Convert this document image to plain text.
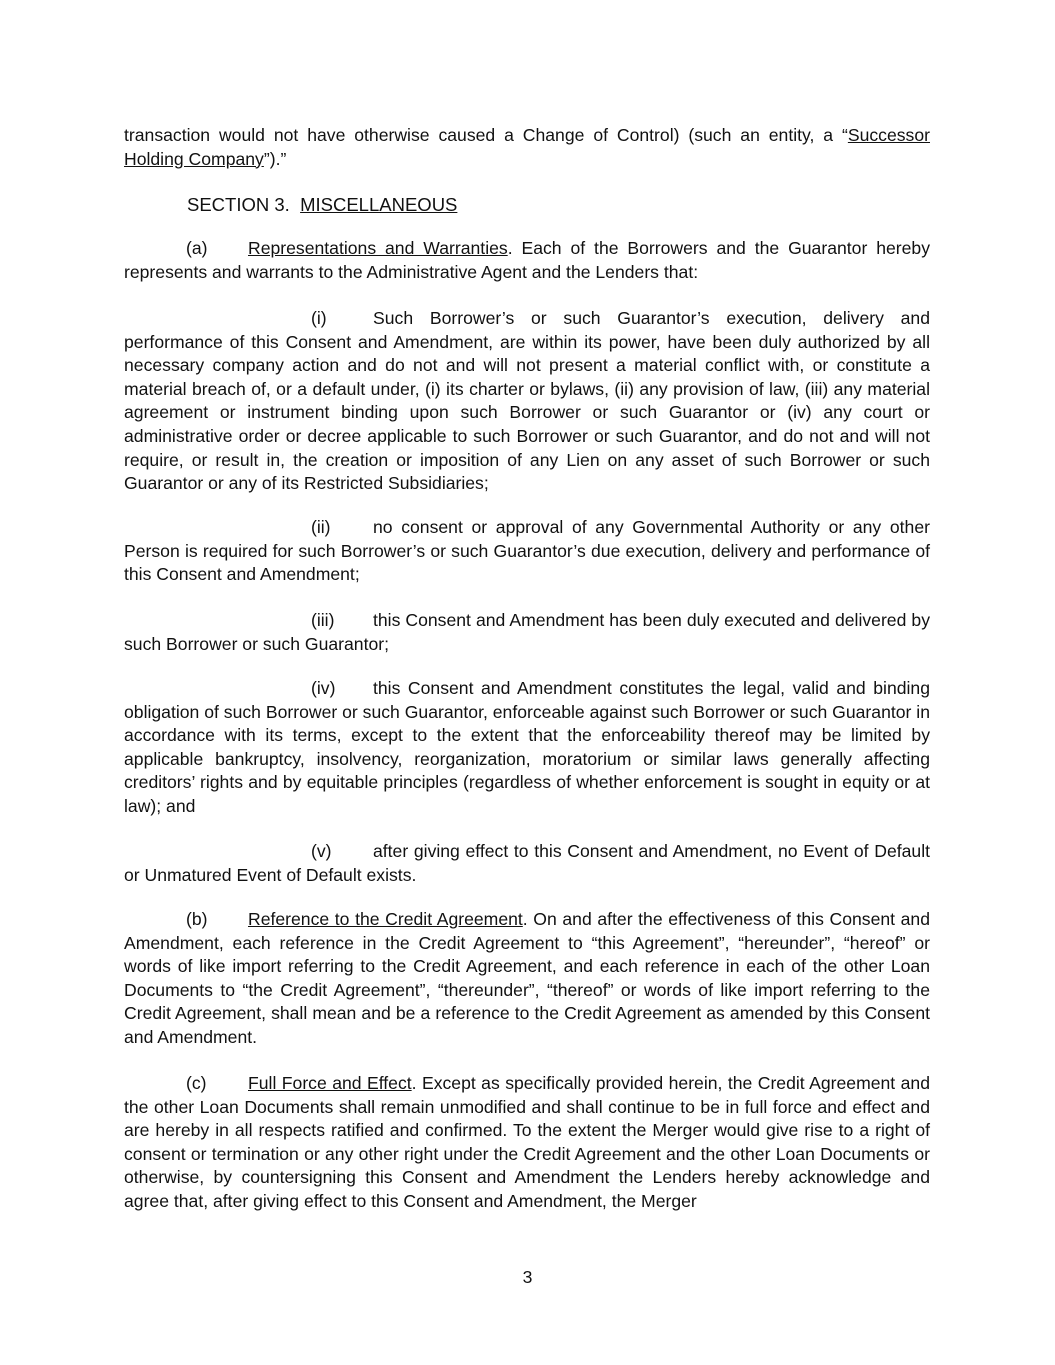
transaction would not have otherwise caused a Change of Control) (such an entity, a “Successor Holding Company”).”

SECTION 3. MISCELLANEOUS

(a) Representations and Warranties. Each of the Borrowers and the Guarantor hereby represents and warrants to the Administrative Agent and the Lenders that:

(i)	Such Borrower’s or such Guarantor’s execution, delivery and performance of this Consent and Amendment, are within its power, have been duly authorized by all necessary company action and do not and will not present a material conflict with, or constitute a material breach of, or a default under, (i) its charter or bylaws, (ii) any provision of law, (iii) any material agreement or instrument binding upon such Borrower or such Guarantor or (iv) any court or administrative order or decree applicable to such Borrower or such Guarantor, and do not and will not require, or result in, the creation or imposition of any Lien on any asset of such Borrower or such Guarantor or any of its Restricted Subsidiaries;

(ii) no consent or approval of any Governmental Authority or any other Person is required for such Borrower’s or such Guarantor’s due execution, delivery and performance of this Consent and Amendment;

(iii) this Consent and Amendment has been duly executed and delivered by such Borrower or such Guarantor;

(iv) this Consent and Amendment constitutes the legal, valid and binding obligation of such Borrower or such Guarantor, enforceable against such Borrower or such Guarantor in accordance with its terms, except to the extent that the enforceability thereof may be limited by applicable bankruptcy, insolvency, reorganization, moratorium or similar laws generally affecting creditors’ rights and by equitable principles (regardless of whether enforcement is sought in equity or at law); and

(v) after giving effect to this Consent and Amendment, no Event of Default or Unmatured Event of Default exists.

(b) Reference to the Credit Agreement. On and after the effectiveness of this Consent and Amendment, each reference in the Credit Agreement to “this Agreement”, “hereunder”, “hereof” or words of like import referring to the Credit Agreement, and each reference in each of the other Loan Documents to “the Credit Agreement”, “thereunder”, “thereof” or words of like import referring to the Credit Agreement, shall mean and be a reference to the Credit Agreement as amended by this Consent and Amendment.

(c) Full Force and Effect. Except as specifically provided herein, the Credit Agreement and the other Loan Documents shall remain unmodified and shall continue to be in full force and effect and are hereby in all respects ratified and confirmed. To the extent the Merger would give rise to a right of consent or termination or any other right under the Credit Agreement and the other Loan Documents or otherwise, by countersigning this Consent and Amendment the Lenders hereby acknowledge and agree that, after giving effect to this Consent and Amendment, the Merger

3
